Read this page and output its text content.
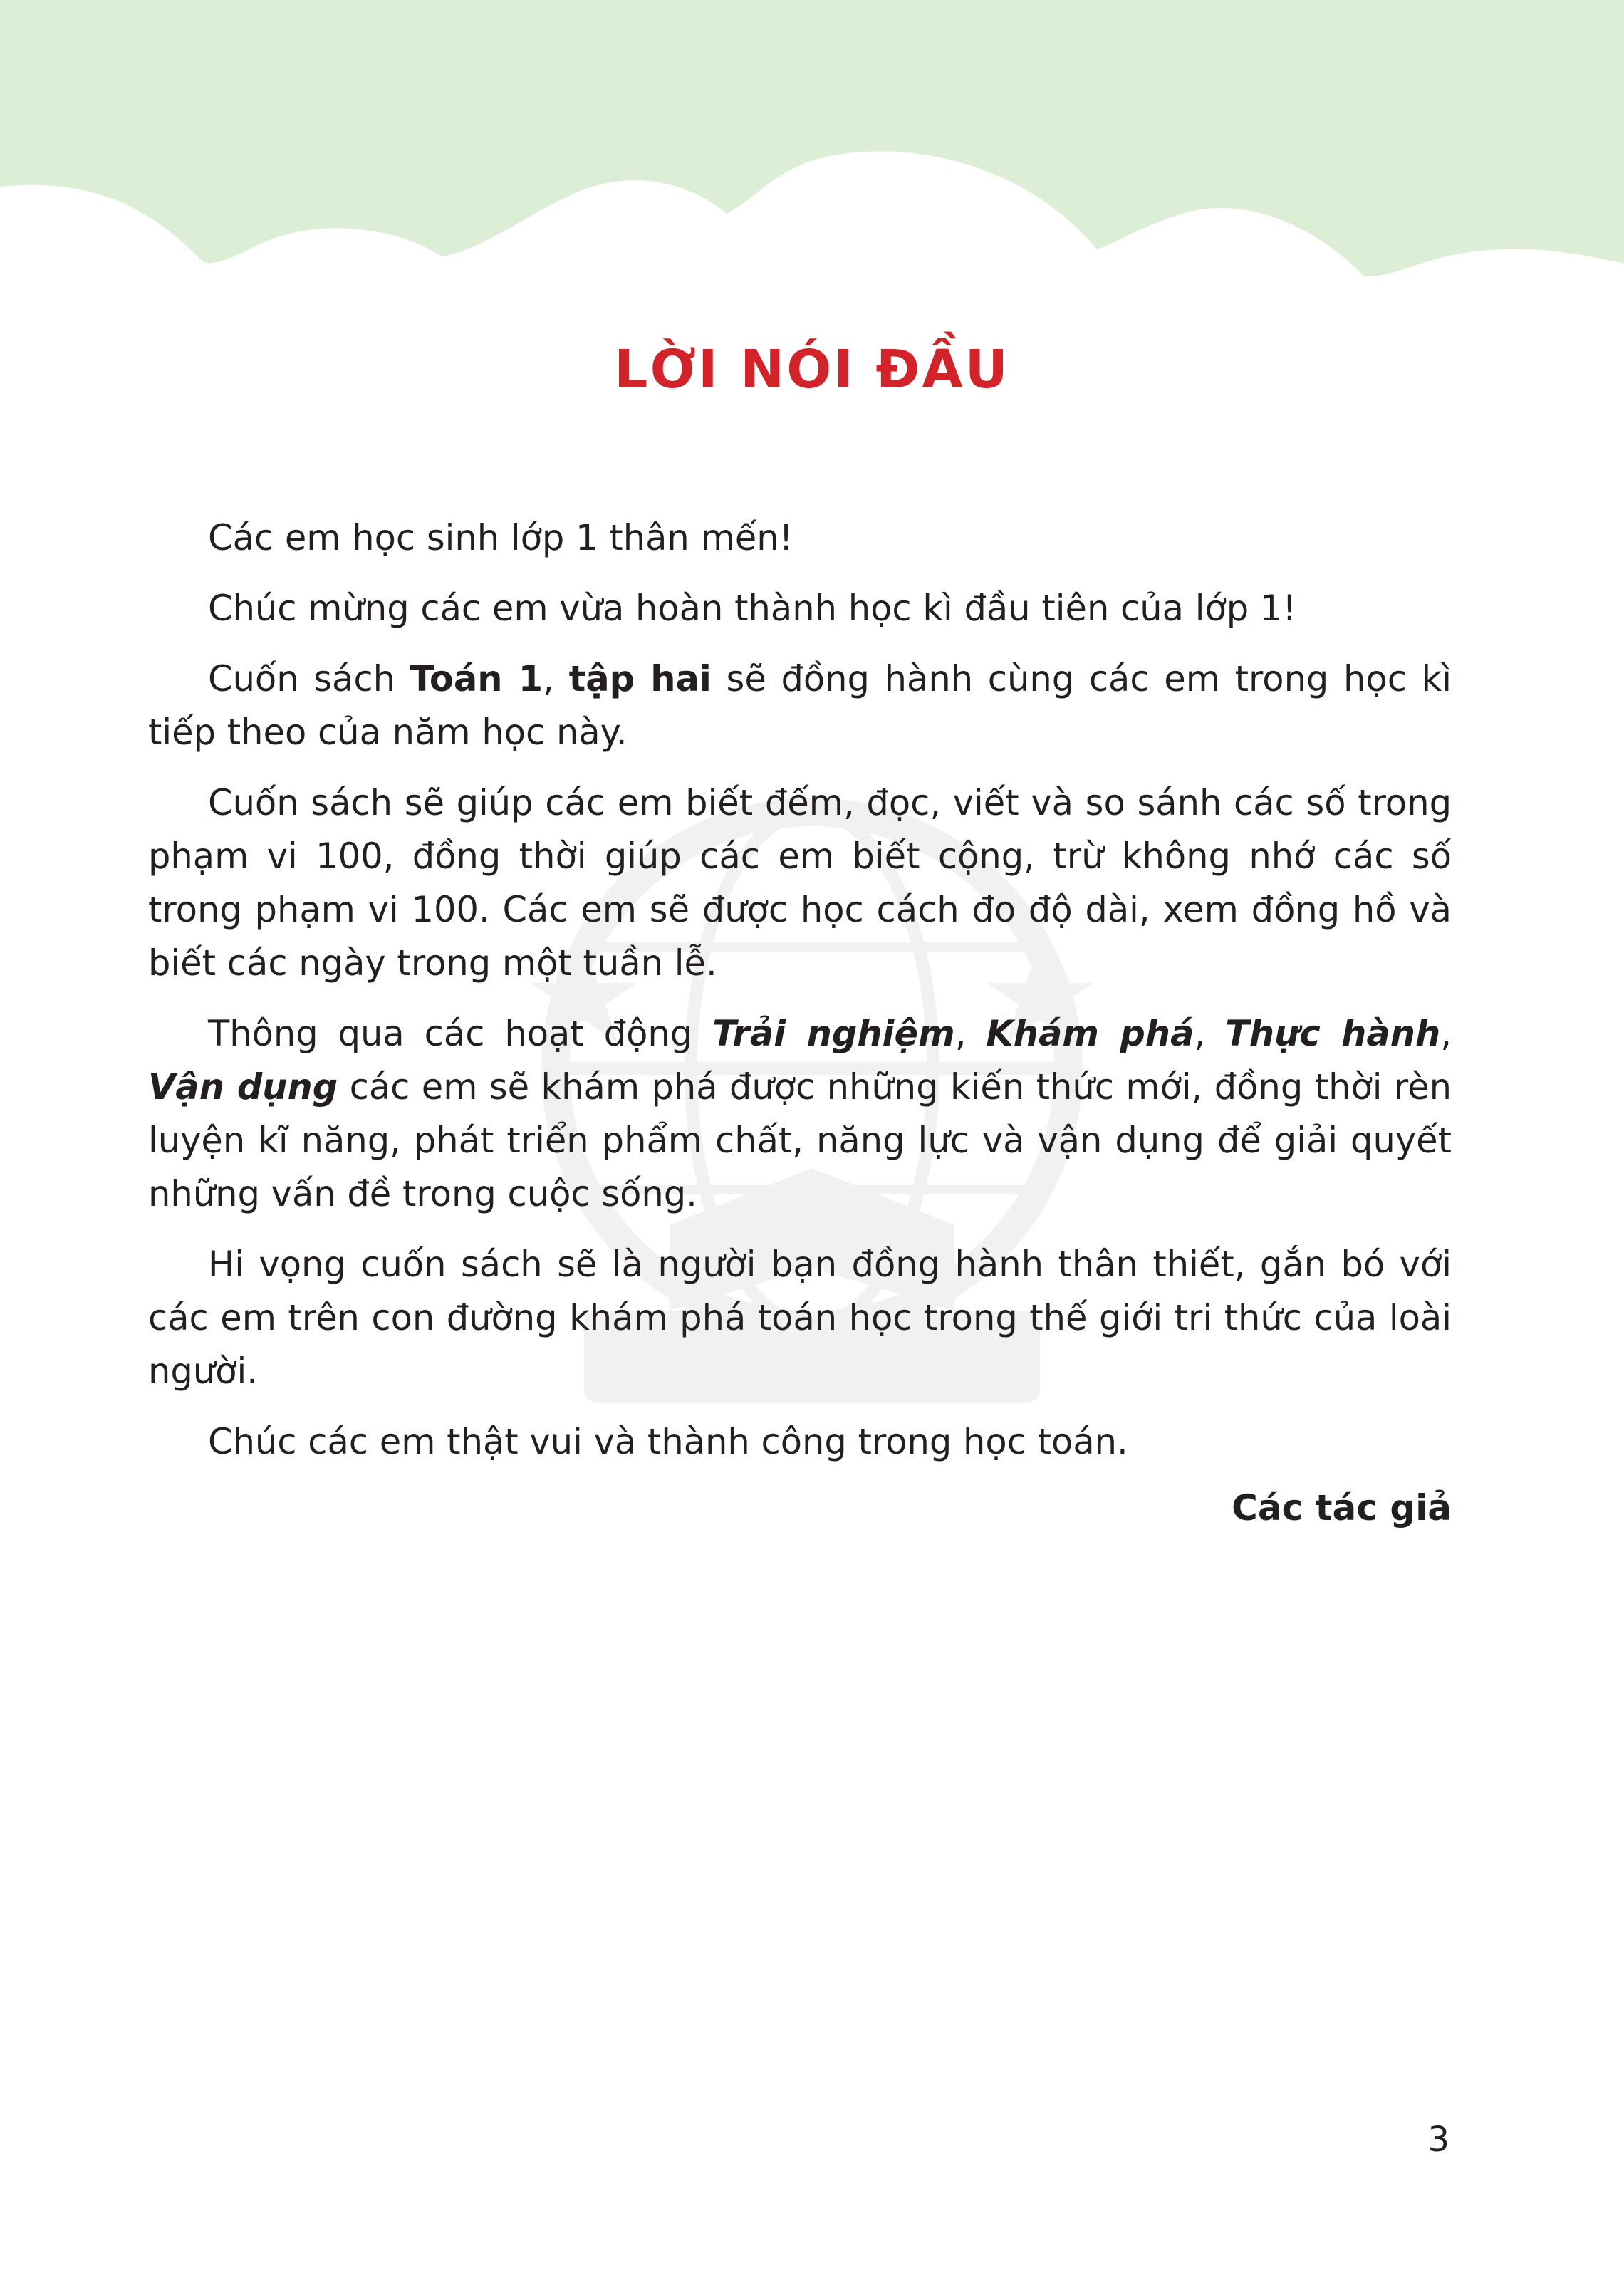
LỜI NÓI ĐẦU

Các em học sinh lớp 1 thân mến!

Chúc mừng các em vừa hoàn thành học kì đầu tiên của lớp 1!

Cuốn sách Toán 1, tập hai sẽ đồng hành cùng các em trong học kì tiếp theo của năm học này.

Cuốn sách sẽ giúp các em biết đếm, đọc, viết và so sánh các số trong phạm vi 100, đồng thời giúp các em biết cộng, trừ không nhớ các số trong phạm vi 100. Các em sẽ được học cách đo độ dài, xem đồng hồ và biết các ngày trong một tuần lễ.

Thông qua các hoạt động Trải nghiệm, Khám phá, Thực hành, Vận dụng các em sẽ khám phá được những kiến thức mới, đồng thời rèn luyện kĩ năng, phát triển phẩm chất, năng lực và vận dụng để giải quyết những vấn đề trong cuộc sống.

Hi vọng cuốn sách sẽ là người bạn đồng hành thân thiết, gắn bó với các em trên con đường khám phá toán học trong thế giới tri thức của loài người.

Chúc các em thật vui và thành công trong học toán.

Các tác giả
3
